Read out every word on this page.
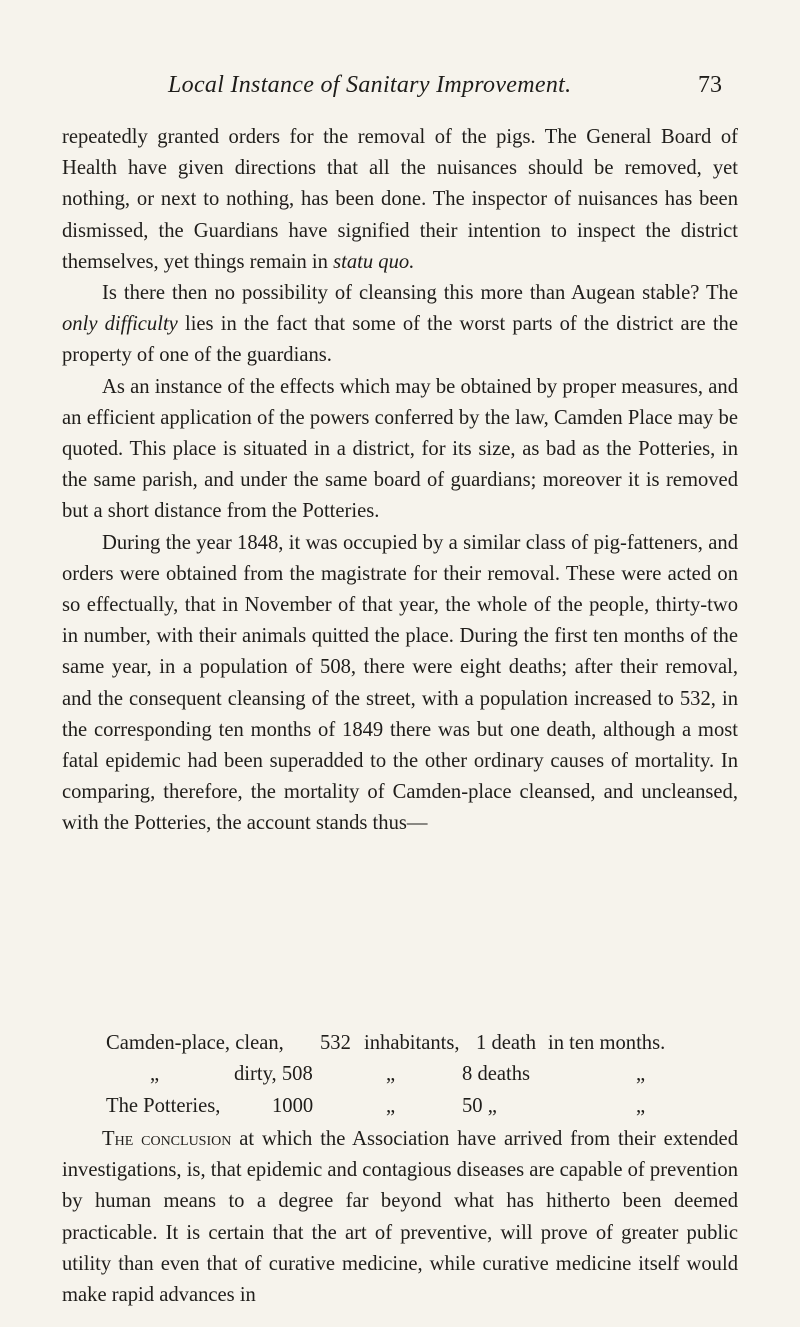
Local Instance of Sanitary Improvement.	73

repeatedly granted orders for the removal of the pigs. The General Board of Health have given directions that all the nuisances should be removed, yet nothing, or next to nothing, has been done. The inspector of nuisances has been dismissed, the Guardians have signified their intention to inspect the district themselves, yet things remain in statu quo.

Is there then no possibility of cleansing this more than Augean stable? The only difficulty lies in the fact that some of the worst parts of the district are the property of one of the guardians.

As an instance of the effects which may be obtained by proper measures, and an efficient application of the powers conferred by the law, Camden Place may be quoted. This place is situated in a district, for its size, as bad as the Potteries, in the same parish, and under the same board of guardians; moreover it is removed but a short distance from the Potteries.

During the year 1848, it was occupied by a similar class of pig-fatteners, and orders were obtained from the magistrate for their removal. These were acted on so effectually, that in November of that year, the whole of the people, thirty-two in number, with their animals quitted the place. During the first ten months of the same year, in a population of 508, there were eight deaths; after their removal, and the consequent cleansing of the street, with a population increased to 532, in the corresponding ten months of 1849 there was but one death, although a most fatal epidemic had been superadded to the other ordinary causes of mortality. In comparing, therefore, the mortality of Camden-place cleansed, and uncleansed, with the Potteries, the account stands thus—

Camden-place, clean, 532 inhabitants, 1 death in ten months.
„	dirty, 508	„	8 deaths	„
The Potteries,	1000	„	50 „	„

The conclusion at which the Association have arrived from their extended investigations, is, that epidemic and contagious diseases are capable of prevention by human means to a degree far beyond what has hitherto been deemed practicable. It is certain that the art of preventive, will prove of greater public utility than even that of curative medicine, while curative medicine itself would make rapid advances in
